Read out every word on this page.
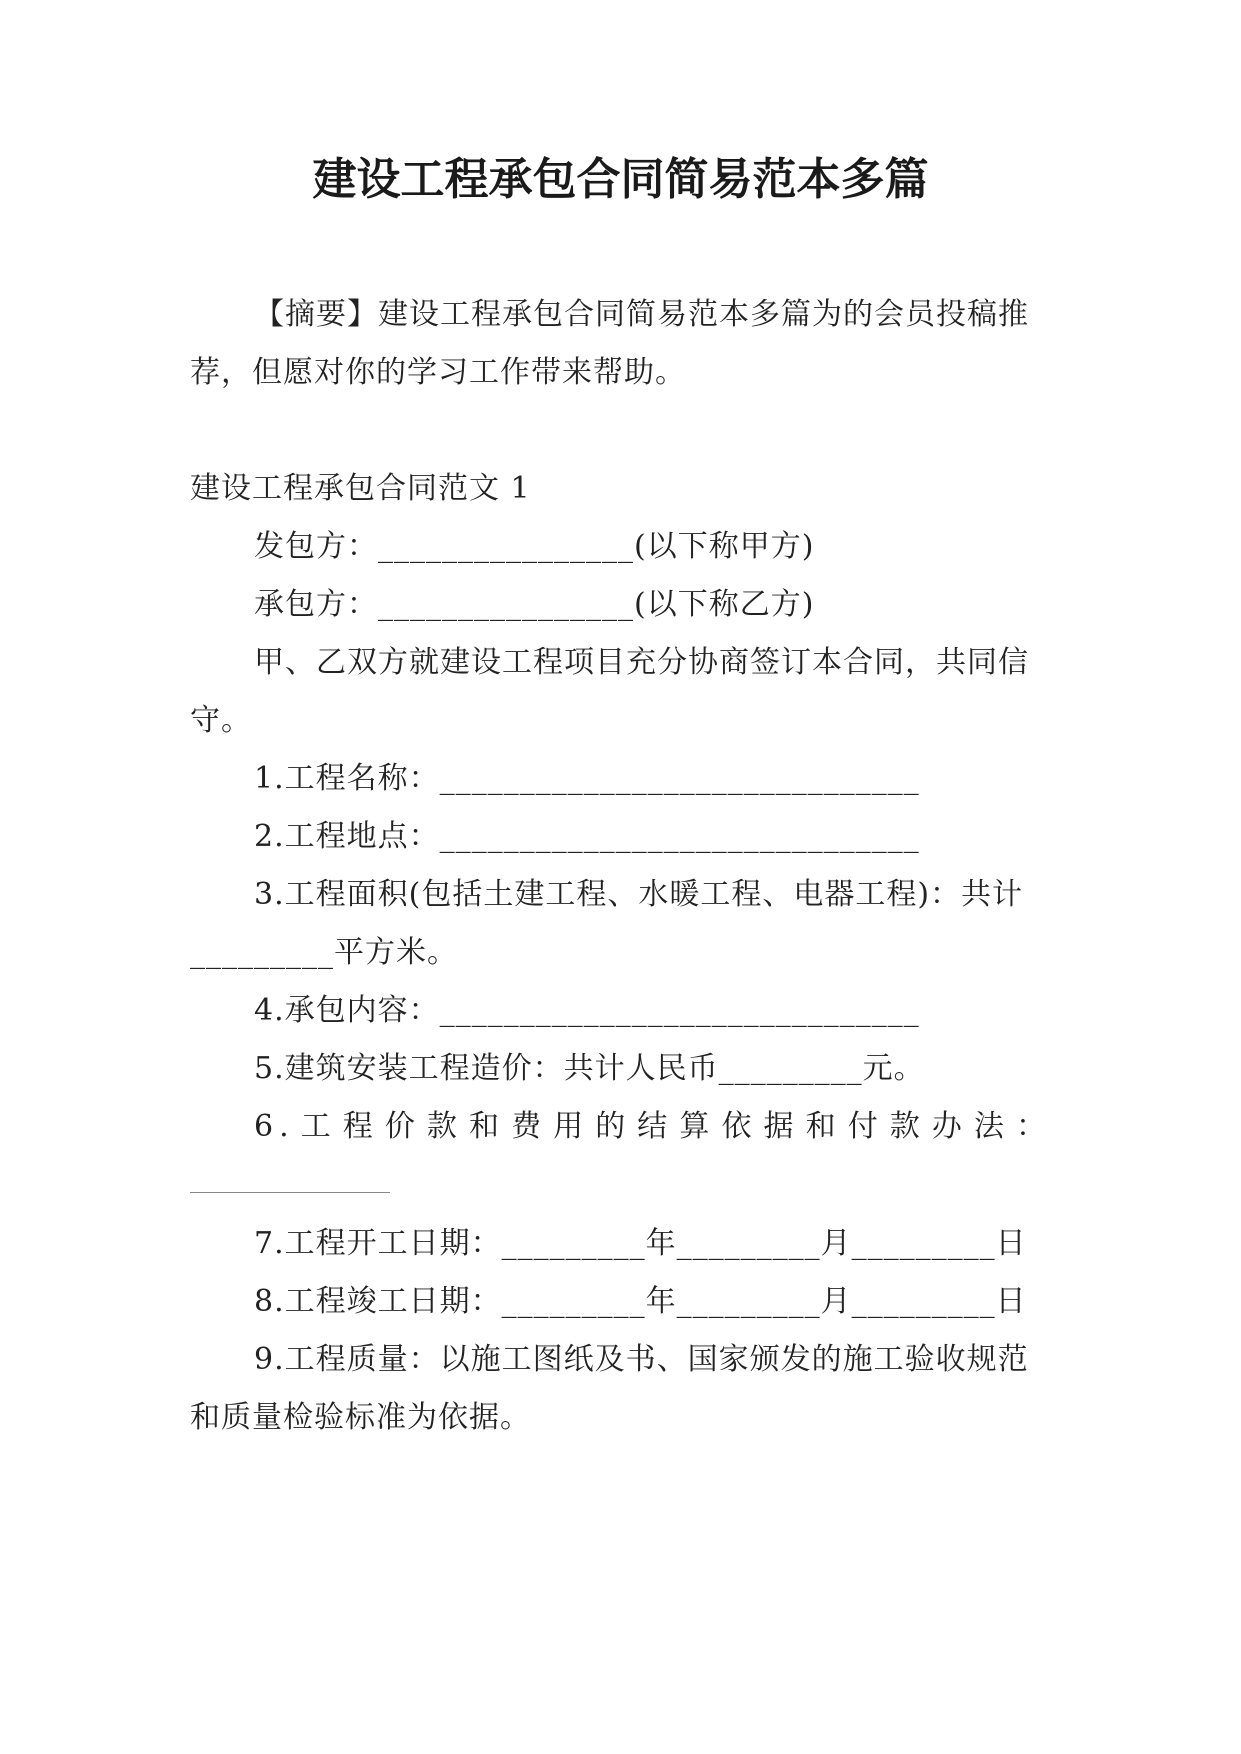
建设工程承包合同简易范本多篇

【摘要】建设工程承包合同简易范本多篇为的会员投稿推荐，但愿对你的学习工作带来帮助。

建设工程承包合同范文 1

发包方：________________(以下称甲方)

承包方：________________(以下称乙方)

甲、乙双方就建设工程项目充分协商签订本合同，共同信守。

1.工程名称：______________________________

2.工程地点：______________________________

3.工程面积(包括土建工程、水暖工程、电器工程)：共计_________平方米。

4.承包内容：______________________________

5.建筑安装工程造价：共计人民币_________元。

6.工程价款和费用的结算依据和付款办法：

7.工程开工日期：_________年_________月_________日

8.工程竣工日期：_________年_________月_________日

9.工程质量：以施工图纸及书、国家颁发的施工验收规范和质量检验标准为依据。
